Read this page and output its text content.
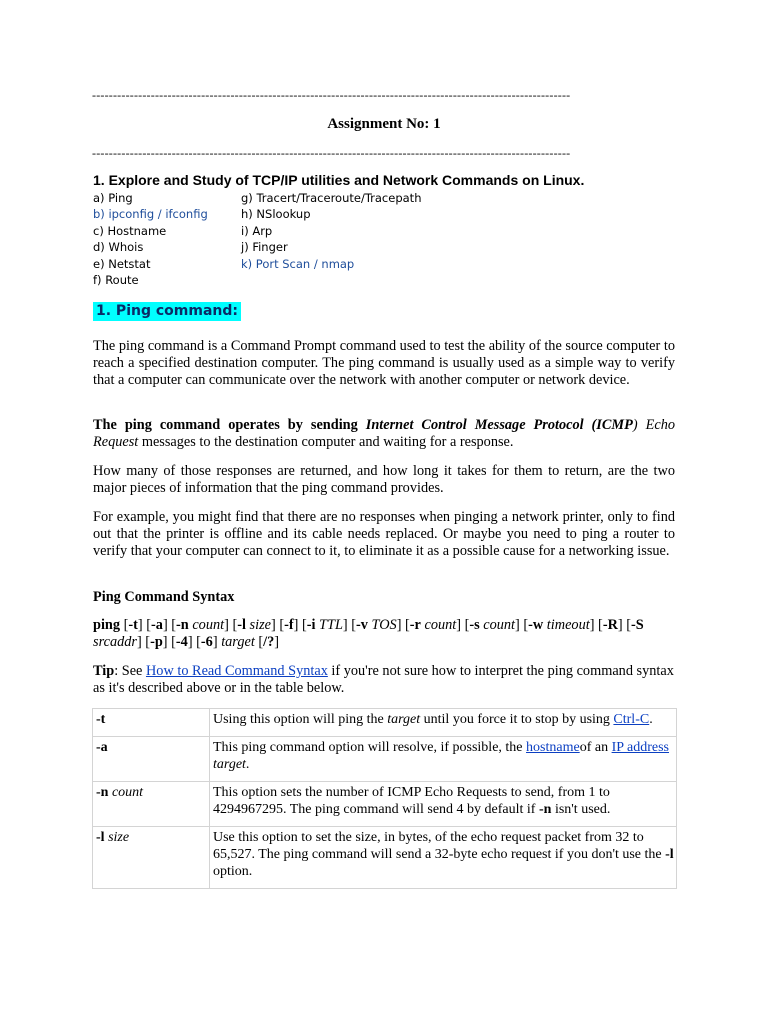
------------------------------------------------------------------------------------------------------------------
Assignment No: 1
------------------------------------------------------------------------------------------------------------------
1. Explore and Study of TCP/IP utilities and Network Commands on Linux.
a) Ping
b) ipconfig / ifconfig
c) Hostname
d) Whois
e) Netstat
f) Route
g) Tracert/Traceroute/Tracepath
h) NSlookup
i) Arp
j) Finger
k) Port Scan / nmap
1. Ping command:
The ping command is a Command Prompt command used to test the ability of the source computer to reach a specified destination computer. The ping command is usually used as a simple way to verify that a computer can communicate over the network with another computer or network device.
The ping command operates by sending Internet Control Message Protocol (ICMP) Echo Request messages to the destination computer and waiting for a response.
How many of those responses are returned, and how long it takes for them to return, are the two major pieces of information that the ping command provides.
For example, you might find that there are no responses when pinging a network printer, only to find out that the printer is offline and its cable needs replaced. Or maybe you need to ping a router to verify that your computer can connect to it, to eliminate it as a possible cause for a networking issue.
Ping Command Syntax
ping [-t] [-a] [-n count] [-l size] [-f] [-i TTL] [-v TOS] [-r count] [-s count] [-w timeout] [-R] [-S srcaddr] [-p] [-4] [-6] target [/?]
Tip: See How to Read Command Syntax if you're not sure how to interpret the ping command syntax as it's described above or in the table below.
-t	Using this option will ping the target until you force it to stop by using Ctrl-C.
-a	This ping command option will resolve, if possible, the hostnameof an IP address target.
-n count	This option sets the number of ICMP Echo Requests to send, from 1 to 4294967295. The ping command will send 4 by default if -n isn't used.
-l size	Use this option to set the size, in bytes, of the echo request packet from 32 to 65,527. The ping command will send a 32-byte echo request if you don't use the -l option.
